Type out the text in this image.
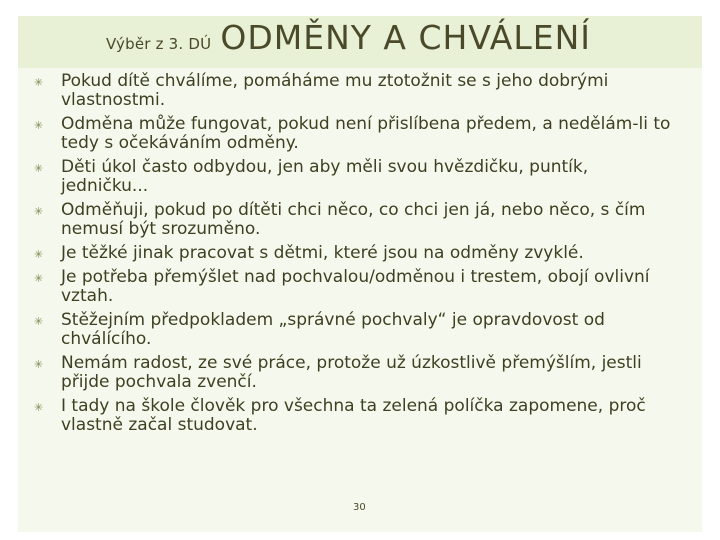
Výběr z 3. DÚ ODMĚNY A CHVÁLENÍ
✳ Pokud dítě chválíme, pomáháme mu ztotožnit se s jeho dobrými vlastnostmi.
✳ Odměna může fungovat, pokud není přislíbena předem, a nedělám-li to tedy s očekáváním odměny.
✳ Děti úkol často odbydou, jen aby měli svou hvězdičku, puntík, jedničku...
✳ Odměňuji, pokud po dítěti chci něco, co chci jen já, nebo něco, s čím nemusí být srozuměno.
✳ Je těžké jinak pracovat s dětmi, které jsou na odměny zvyklé.
✳ Je potřeba přemýšlet nad pochvalou/odměnou i trestem, obojí ovlivní vztah.
✳ Stěžejním předpokladem „správné pochvaly“ je opravdovost od chválícího.
✳ Nemám radost, ze své práce, protože už úzkostlivě přemýšlím, jestli přijde pochvala zvenčí.
✳ I tady na škole člověk pro všechna ta zelená políčka zapomene, proč vlastně začal studovat.
30
